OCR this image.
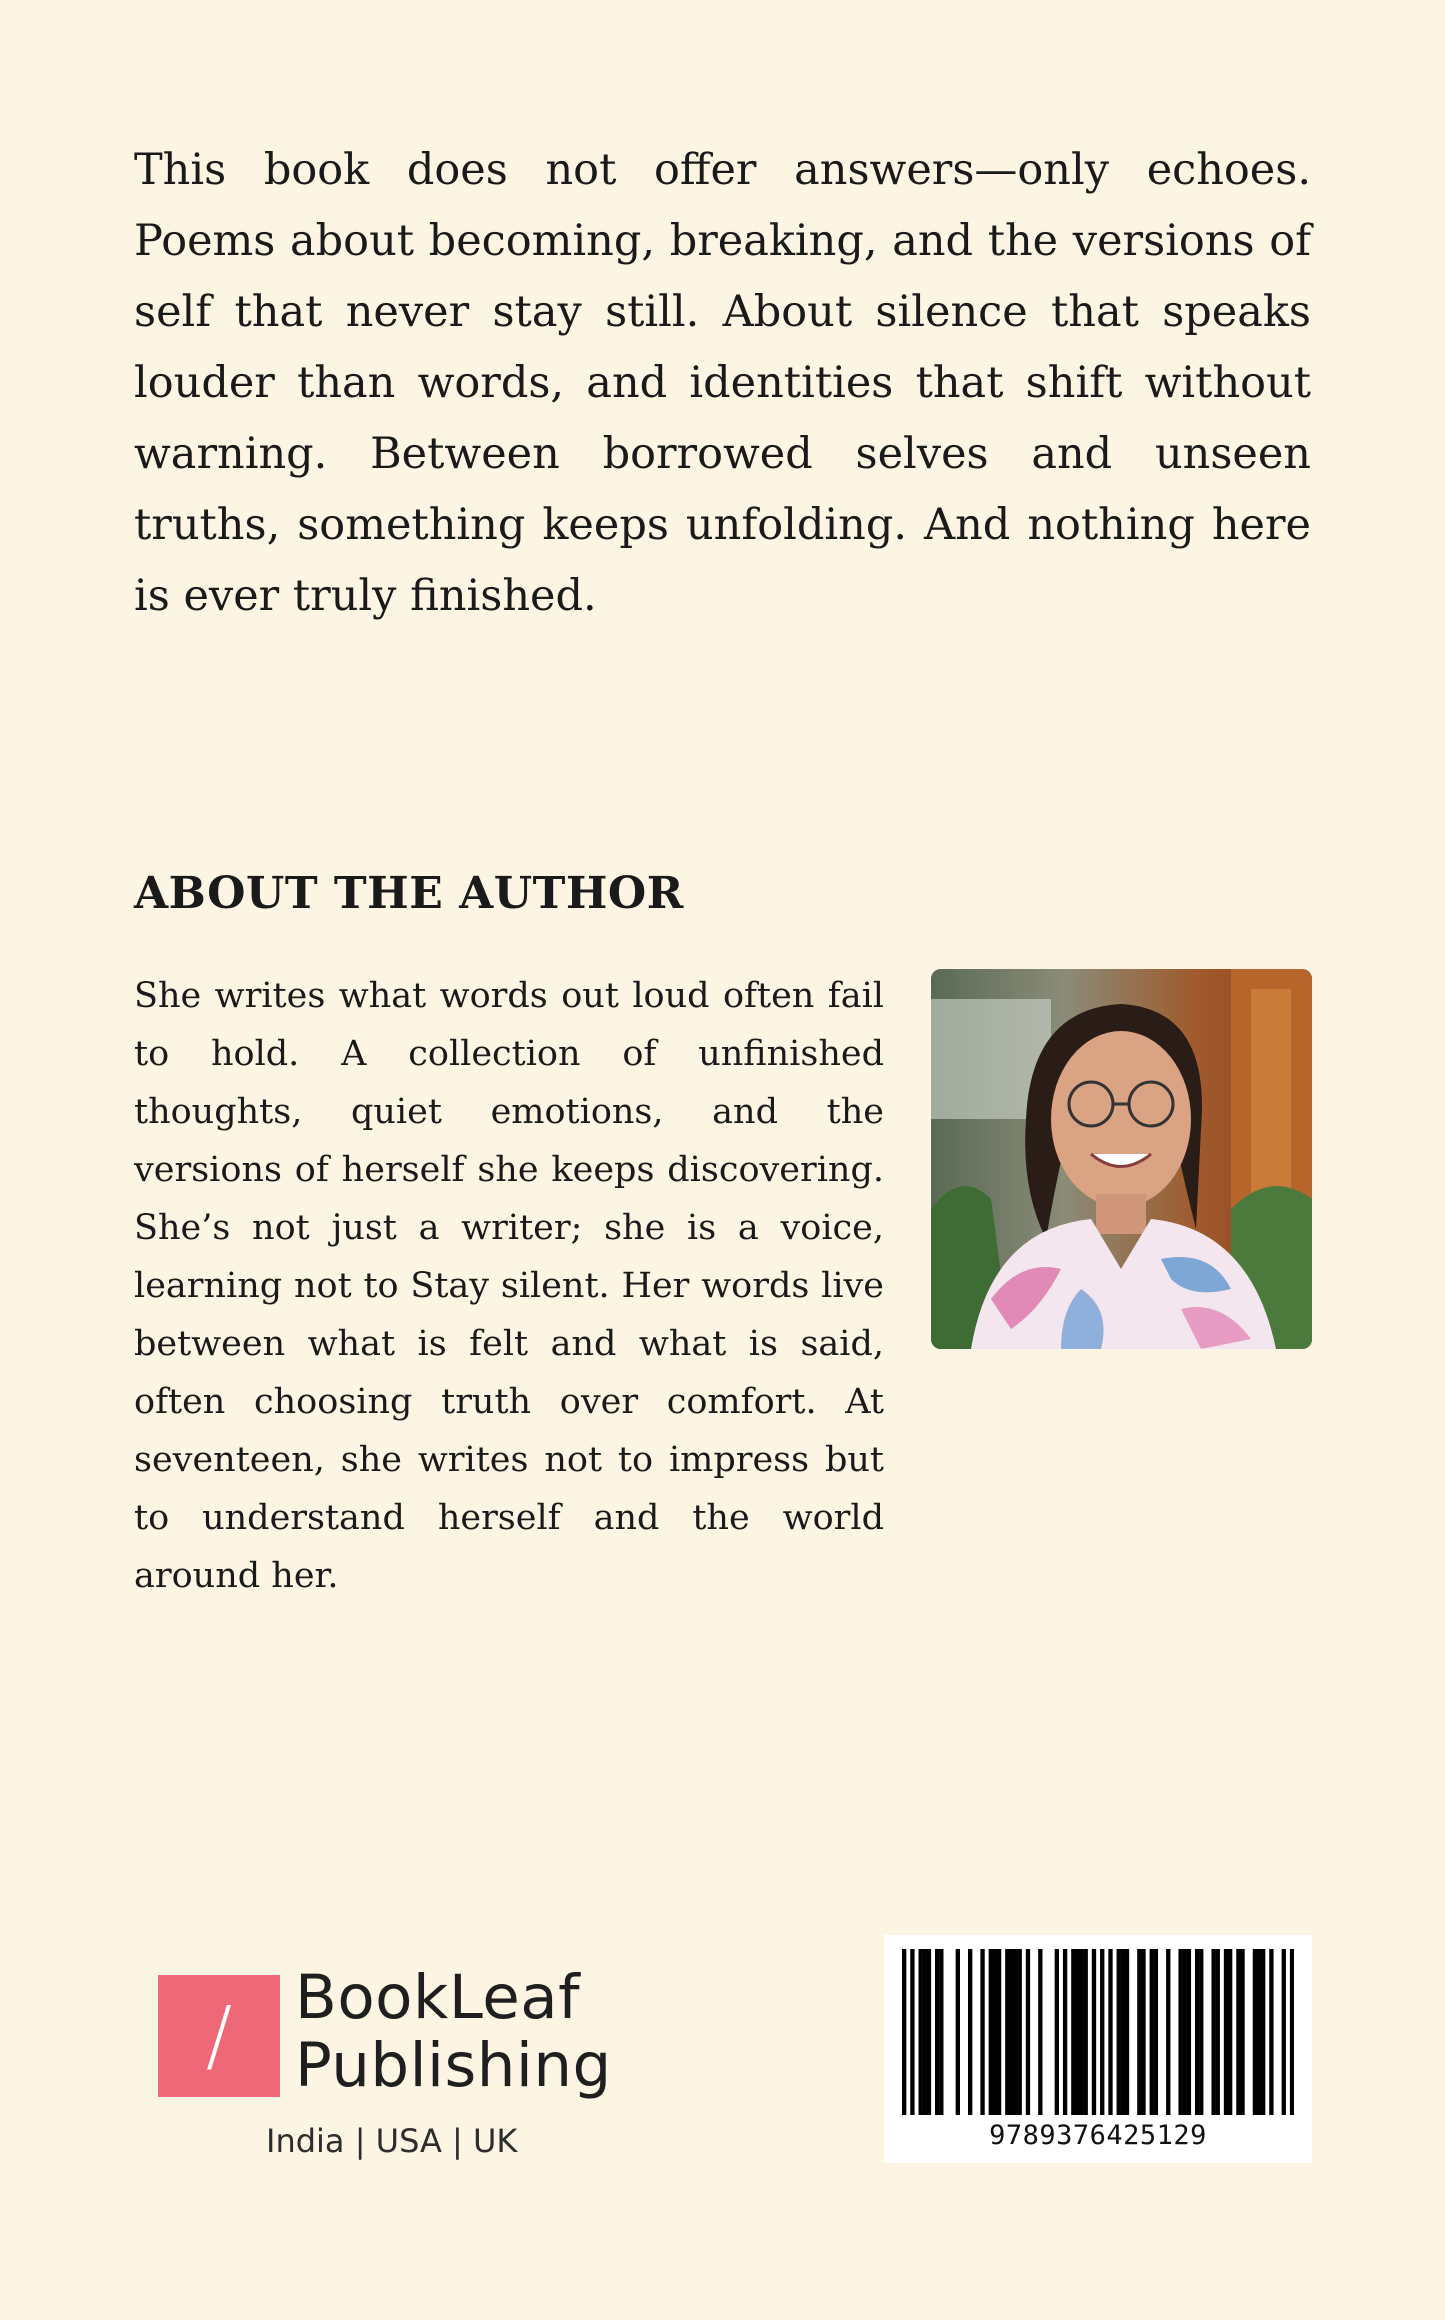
This book does not offer answers—only echoes. Poems about becoming, breaking, and the versions of self that never stay still. About silence that speaks louder than words, and identities that shift without warning. Between borrowed selves and unseen truths, something keeps unfolding. And nothing here is ever truly finished.

ABOUT THE AUTHOR

She writes what words out loud often fail to hold. A collection of unfinished thoughts, quiet emotions, and the versions of herself she keeps discovering. She’s not just a writer; she is a voice, learning not to Stay silent. Her words live between what is felt and what is said, often choosing truth over comfort. At seventeen, she writes not to impress but to understand herself and the world around her.

/ BookLeaf
Publishing
India | USA | UK	9789376425129
